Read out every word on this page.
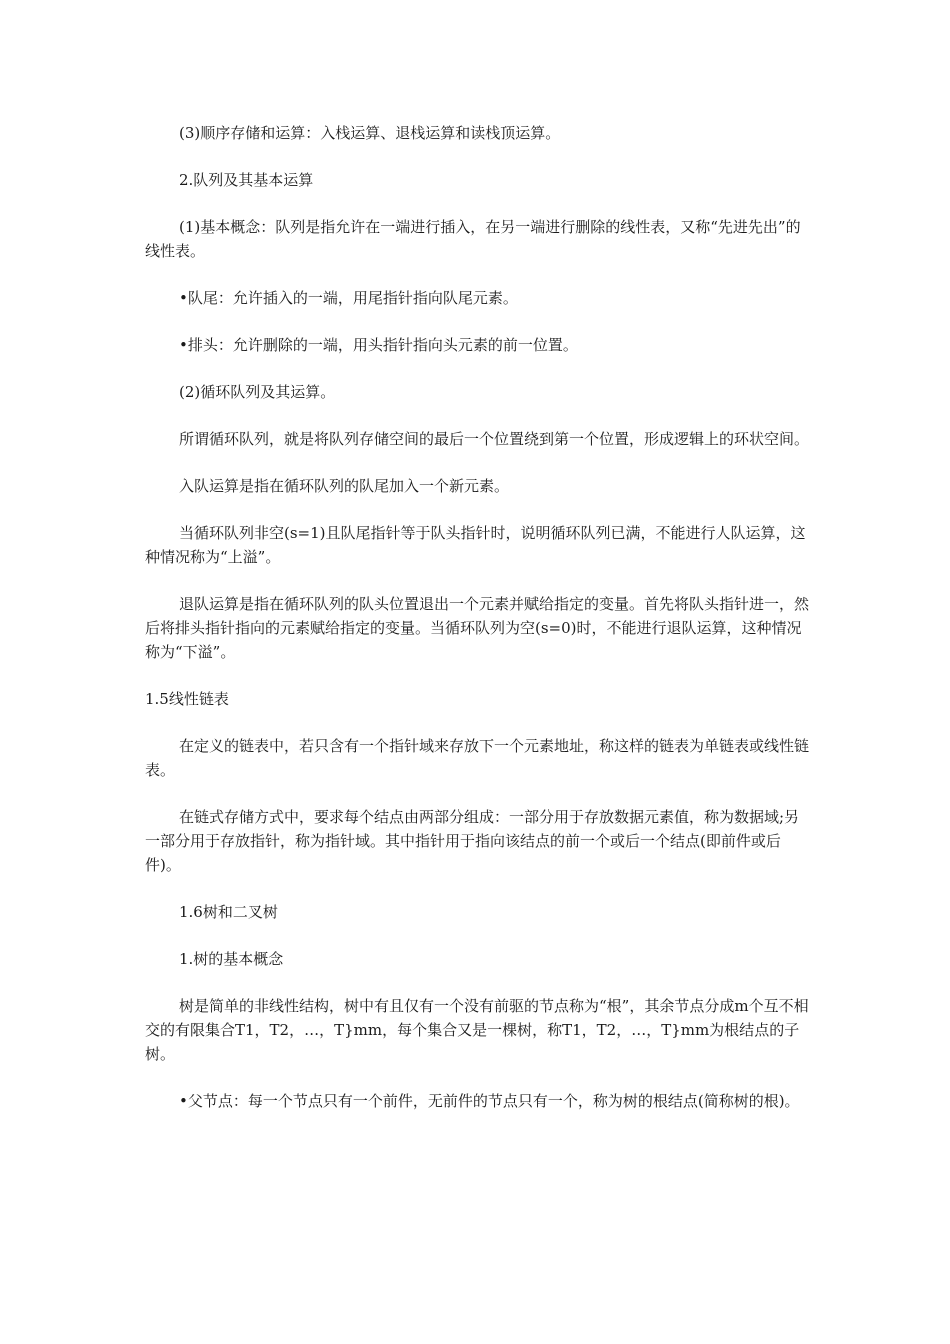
(3)顺序存储和运算：入栈运算、退栈运算和读栈顶运算。

2.队列及其基本运算

(1)基本概念：队列是指允许在一端进行插入，在另一端进行删除的线性表，又称“先进先出”的线性表。

•队尾：允许插入的一端，用尾指针指向队尾元素。

•排头：允许删除的一端，用头指针指向头元素的前一位置。

(2)循环队列及其运算。

所谓循环队列，就是将队列存储空间的最后一个位置绕到第一个位置，形成逻辑上的环状空间。

入队运算是指在循环队列的队尾加入一个新元素。

当循环队列非空(s=1)且队尾指针等于队头指针时，说明循环队列已满，不能进行人队运算，这种情况称为“上溢”。

退队运算是指在循环队列的队头位置退出一个元素并赋给指定的变量。首先将队头指针进一，然后将排头指针指向的元素赋给指定的变量。当循环队列为空(s=0)时，不能进行退队运算，这种情况称为“下溢”。

1.5线性链表

在定义的链表中，若只含有一个指针域来存放下一个元素地址，称这样的链表为单链表或线性链表。

在链式存储方式中，要求每个结点由两部分组成：一部分用于存放数据元素值，称为数据域;另一部分用于存放指针，称为指针域。其中指针用于指向该结点的前一个或后一个结点(即前件或后件)。

1.6树和二叉树

1.树的基本概念

树是简单的非线性结构，树中有且仅有一个没有前驱的节点称为“根”，其余节点分成m个互不相交的有限集合T1，T2，…，T}mm，每个集合又是一棵树，称T1，T2，…，T}mm为根结点的子树。

•父节点：每一个节点只有一个前件，无前件的节点只有一个，称为树的根结点(简称树的根)。
